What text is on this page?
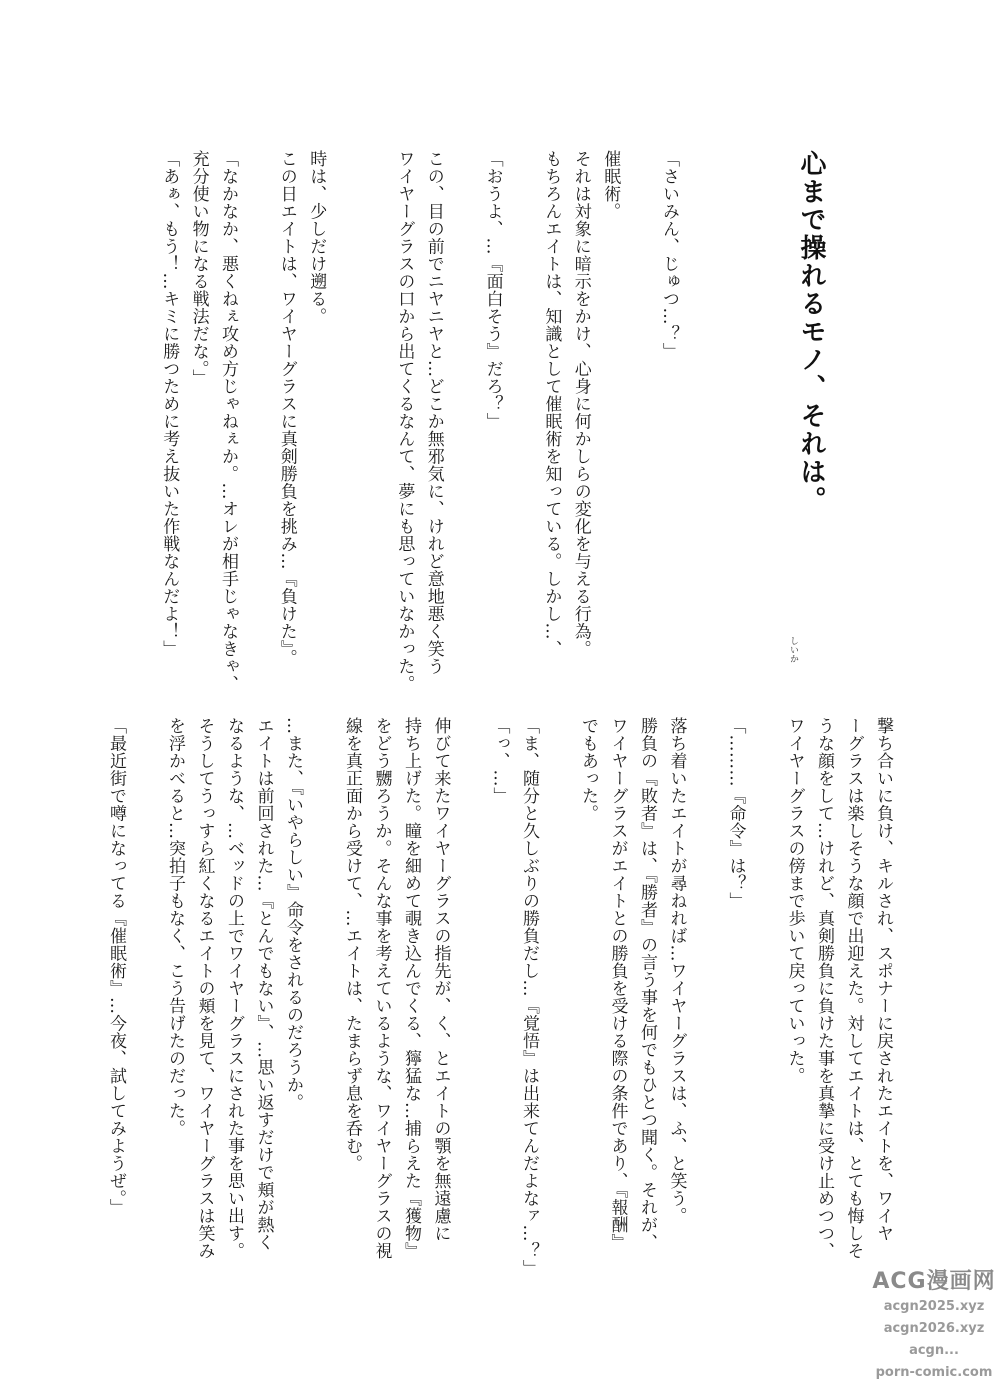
心まで操れるモノ、それは。
「さいみん、じゅつ…？」
催眠術。
それは対象に暗示をかけ、心身に何かしらの変化を与える行為。
もちろんエイトは、知識として催眠術を知っている。しかし…、
「おうよ、…『面白そう』だろ？」
この、目の前でニヤニヤと…どこか無邪気に、けれど意地悪く笑う
ワイヤーグラスの口から出てくるなんて、夢にも思っていなかった。
時は、少しだけ遡る。
この日エイトは、ワイヤーグラスに真剣勝負を挑み…『負けた』。
「なかなか、悪くねぇ攻め方じゃねぇか。…オレが相手じゃなきゃ、
充分使い物になる戦法だな。」
「あぁ、もう！…キミに勝つために考え抜いた作戦なんだよ！」	しいか
撃ち合いに負け、キルされ、スポナーに戻されたエイトを、ワイヤ
ーグラスは楽しそうな顔で出迎えた。対してエイトは、とても悔しそ
うな顔をして…けれど、真剣勝負に負けた事を真摯に受け止めつつ、
ワイヤーグラスの傍まで歩いて戻っていった。
「………『命令』は？」
落ち着いたエイトが尋ねれば…ワイヤーグラスは、ふ、と笑う。
勝負の『敗者』は、『勝者』の言う事を何でもひとつ聞く。それが、
ワイヤーグラスがエイトとの勝負を受ける際の条件であり、『報酬』
でもあった。
「ま、随分と久しぶりの勝負だし…『覚悟』は出来てんだよなァ…？」
「っ、…」
伸びて来たワイヤーグラスの指先が、く、とエイトの顎を無遠慮に
持ち上げた。瞳を細めて覗き込んでくる、獰猛な…捕らえた『獲物』
をどう嬲ろうか。そんな事を考えているような、ワイヤーグラスの視
線を真正面から受けて、…エイトは、たまらず息を呑む。
…また、『いやらしい』命令をされるのだろうか。
エイトは前回された…『とんでもない』、…思い返すだけで頬が熱く
なるような、…ベッドの上でワイヤーグラスにされた事を思い出す。
そうしてうっすら紅くなるエイトの頬を見て、ワイヤーグラスは笑み
を浮かべると…突拍子もなく、こう告げたのだった。
「最近街で噂になってる『催眠術』…今夜、試してみようぜ。」
ACG漫画网
acgn2025.xyz
acgn2026.xyz
acgn...
porn-comic.com
